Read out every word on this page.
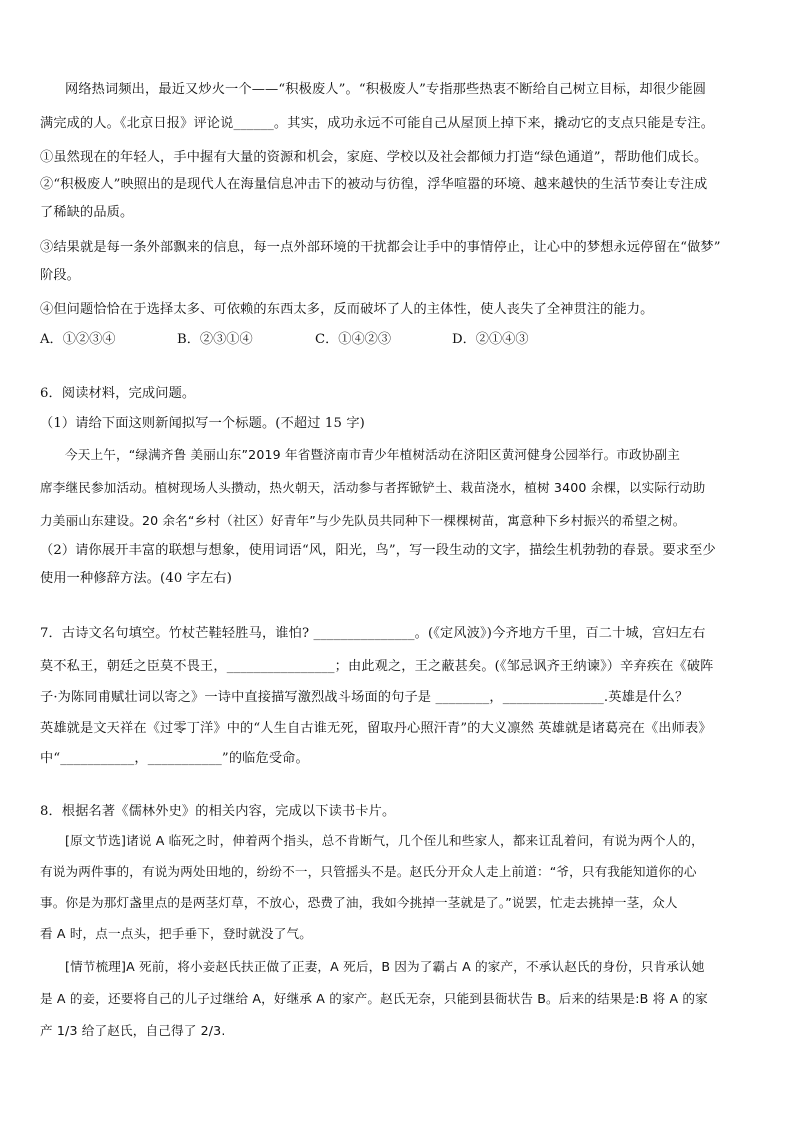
网络热词频出，最近又炒火一个——“积极废人”。“积极废人”专指那些热衷不断给自己树立目标，却很少能圆
满完成的人。《北京日报》评论说______。其实，成功永远不可能自己从屋顶上掉下来，撬动它的支点只能是专注。
①虽然现在的年轻人，手中握有大量的资源和机会，家庭、学校以及社会都倾力打造“绿色通道”，帮助他们成长。
②“积极废人”映照出的是现代人在海量信息冲击下的被动与彷徨，浮华喧嚣的环境、越来越快的生活节奏让专注成
了稀缺的品质。
③结果就是每一条外部飘来的信息，每一点外部环境的干扰都会让手中的事情停止，让心中的梦想永远停留在“做梦”
阶段。
④但问题恰恰在于选择太多、可依赖的东西太多，反而破坏了人的主体性，使人丧失了全神贯注的能力。
A．①②③④	B．②③①④	C．①④②③	D．②①④③
6．阅读材料，完成问题。
（1）请给下面这则新闻拟写一个标题。(不超过 15 字)
今天上午，“绿满齐鲁 美丽山东”2019 年省暨济南市青少年植树活动在济阳区黄河健身公园举行。市政协副主
席李继民参加活动。植树现场人头攒动，热火朝天，活动参与者挥锨铲土、栽苗浇水，植树 3400 余棵，以实际行动助
力美丽山东建设。20 余名“乡村（社区）好青年”与少先队员共同种下一棵棵树苗，寓意种下乡村振兴的希望之树。
（2）请你展开丰富的联想与想象，使用词语“风，阳光，鸟”，写一段生动的文字，描绘生机勃勃的春景。要求至少
使用一种修辞方法。(40 字左右)
7．古诗文名句填空。竹杖芒鞋轻胜马，谁怕? _______________。(《定风波》)今齐地方千里，百二十城，宫妇左右
莫不私王，朝廷之臣莫不畏王，________________；由此观之，王之蔽甚矣。(《邹忌讽齐王纳谏》）辛弃疾在《破阵
子·为陈同甫赋壮词以寄之》一诗中直接描写激烈战斗场面的句子是 ________，_______________.英雄是什么？
英雄就是文天祥在《过零丁洋》中的“人生自古谁无死，留取丹心照汗青”的大义凛然 英雄就是诸葛亮在《出师表》
中“___________，___________”的临危受命。
8．根据名著《儒林外史》的相关内容，完成以下读书卡片。
[原文节选]诸说 A 临死之时，伸着两个指头，总不肯断气，几个侄儿和些家人，都来讧乱着问，有说为两个人的，
有说为两件事的，有说为两处田地的，纷纷不一，只管摇头不是。赵氏分开众人走上前道：“爷，只有我能知道你的心
事。你是为那灯盏里点的是两茎灯草，不放心，恐费了油，我如今挑掉一茎就是了。”说罢，忙走去挑掉一茎，众人
看 A 时，点一点头，把手垂下，登时就没了气。
[情节梳理]A 死前，将小妾赵氏扶正做了正妻，A 死后，B 因为了霸占 A 的家产，不承认赵氏的身份，只肯承认她
是 A 的妾，还要将自己的儿子过继给 A，好继承 A 的家产。赵氏无奈，只能到县衙状告 B。后来的结果是:B 将 A 的家
产 1/3 给了赵氏，自己得了 2/3.
